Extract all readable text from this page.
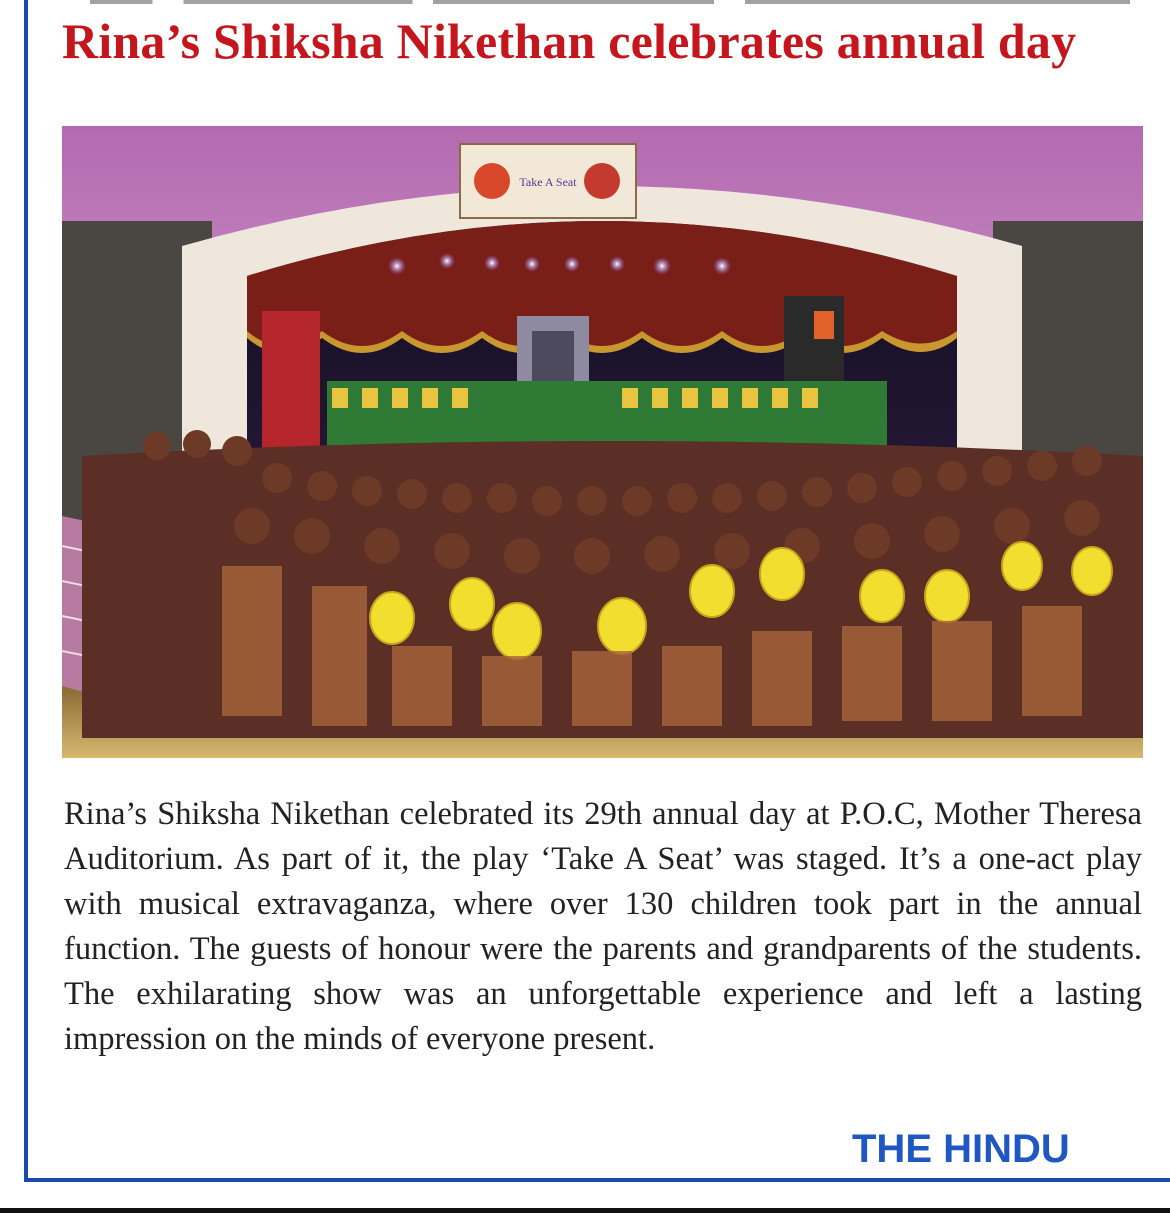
Rina’s Shiksha Nikethan celebrates annual day
Take A Seat

Rina’s Shiksha Nikethan celebrated its 29th annual day at P.O.C, Mother Theresa Auditorium. As part of it, the play ‘Take A Seat’ was staged. It’s a one-act play with musical extravaganza, where over 130 children took part in the annual function. The guests of honour were the parents and grandparents of the students. The exhilarating show was an unforgettable experience and left a lasting impression on the minds of everyone present.

THE HINDU
